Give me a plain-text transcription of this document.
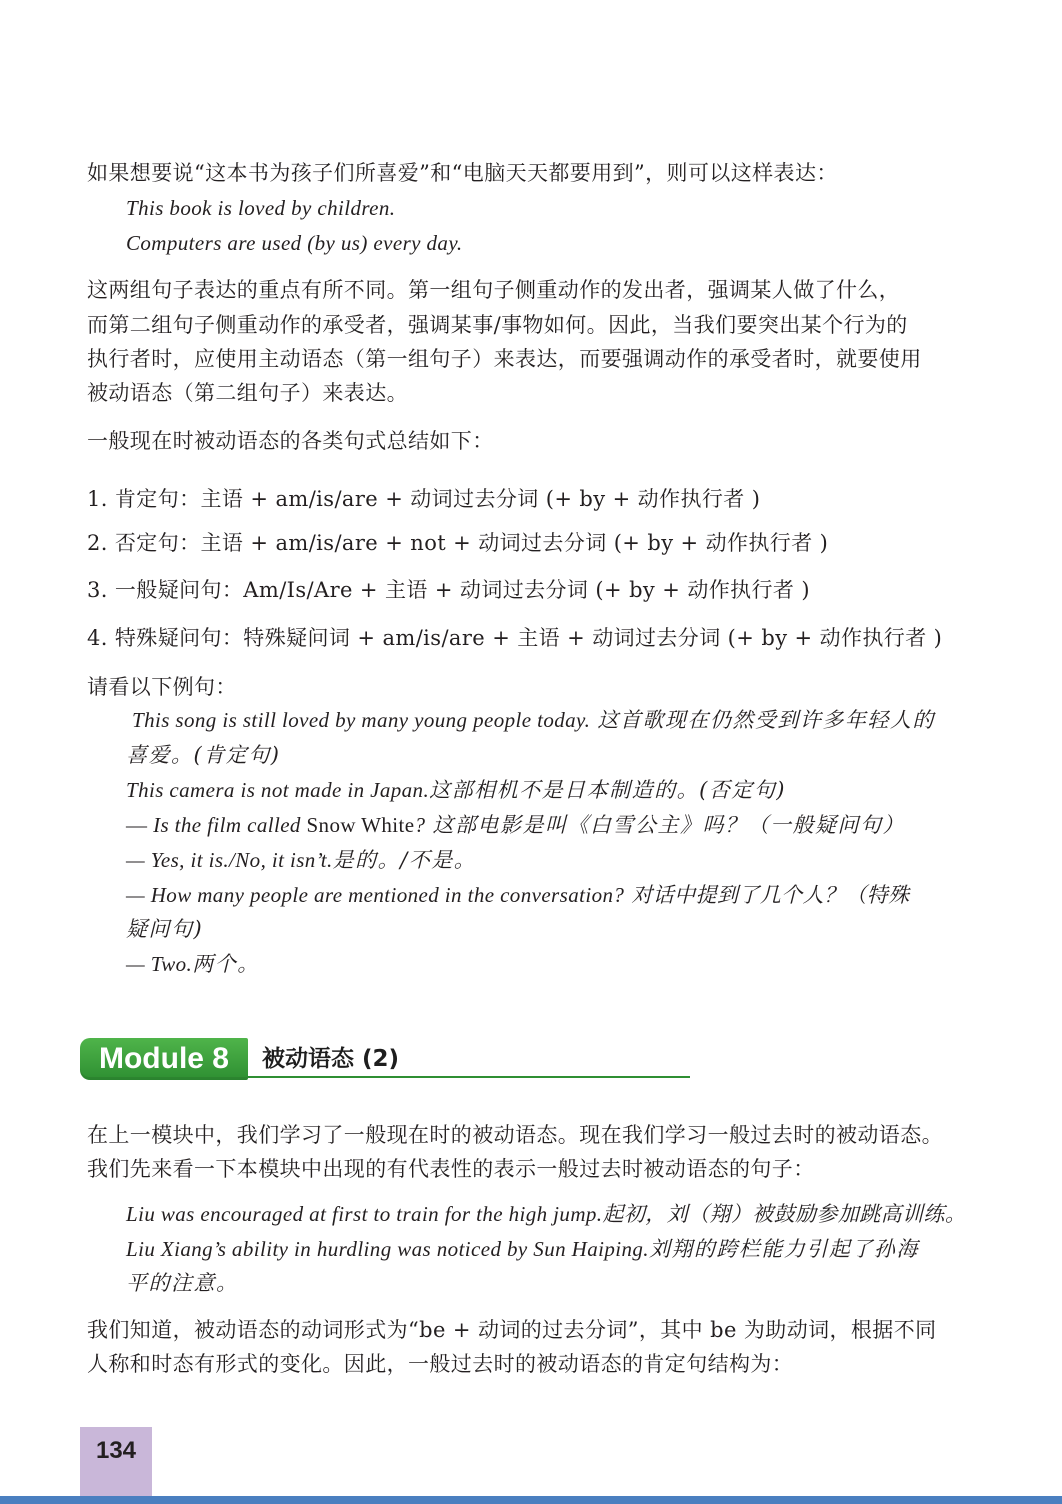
如果想要说“这本书为孩子们所喜爱”和“电脑天天都要用到”，则可以这样表达：
This book is loved by children.
Computers are used (by us) every day.
这两组句子表达的重点有所不同。第一组句子侧重动作的发出者，强调某人做了什么，
而第二组句子侧重动作的承受者，强调某事/事物如何。因此，当我们要突出某个行为的
执行者时，应使用主动语态（第一组句子）来表达，而要强调动作的承受者时，就要使用
被动语态（第二组句子）来表达。
一般现在时被动语态的各类句式总结如下：
1. 肯定句：主语 + am/is/are + 动词过去分词 (+ by + 动作执行者 )
2. 否定句：主语 + am/is/are + not + 动词过去分词 (+ by + 动作执行者 )
3. 一般疑问句：Am/Is/Are + 主语 + 动词过去分词 (+ by + 动作执行者 )
4. 特殊疑问句：特殊疑问词 + am/is/are + 主语 + 动词过去分词 (+ by + 动作执行者 )
请看以下例句：
This song is still loved by many young people today. 这首歌现在仍然受到许多年轻人的
喜爱。(肯定句)
This camera is not made in Japan.这部相机不是日本制造的。(否定句)
— Is the film called Snow White? 这部电影是叫《白雪公主》吗？（一般疑问句）
— Yes, it is./No, it isn’t.是的。/不是。
— How many people are mentioned in the conversation? 对话中提到了几个人？（特殊
疑问句)
— Two.两个。
Module 8	被动语态 (2)
在上一模块中，我们学习了一般现在时的被动语态。现在我们学习一般过去时的被动语态。
我们先来看一下本模块中出现的有代表性的表示一般过去时被动语态的句子：
Liu was encouraged at first to train for the high jump.起初，刘（翔）被鼓励参加跳高训练。
Liu Xiang’s ability in hurdling was noticed by Sun Haiping.刘翔的跨栏能力引起了孙海
平的注意。
我们知道，被动语态的动词形式为“be + 动词的过去分词”，其中 be 为助动词，根据不同
人称和时态有形式的变化。因此，一般过去时的被动语态的肯定句结构为：
134
